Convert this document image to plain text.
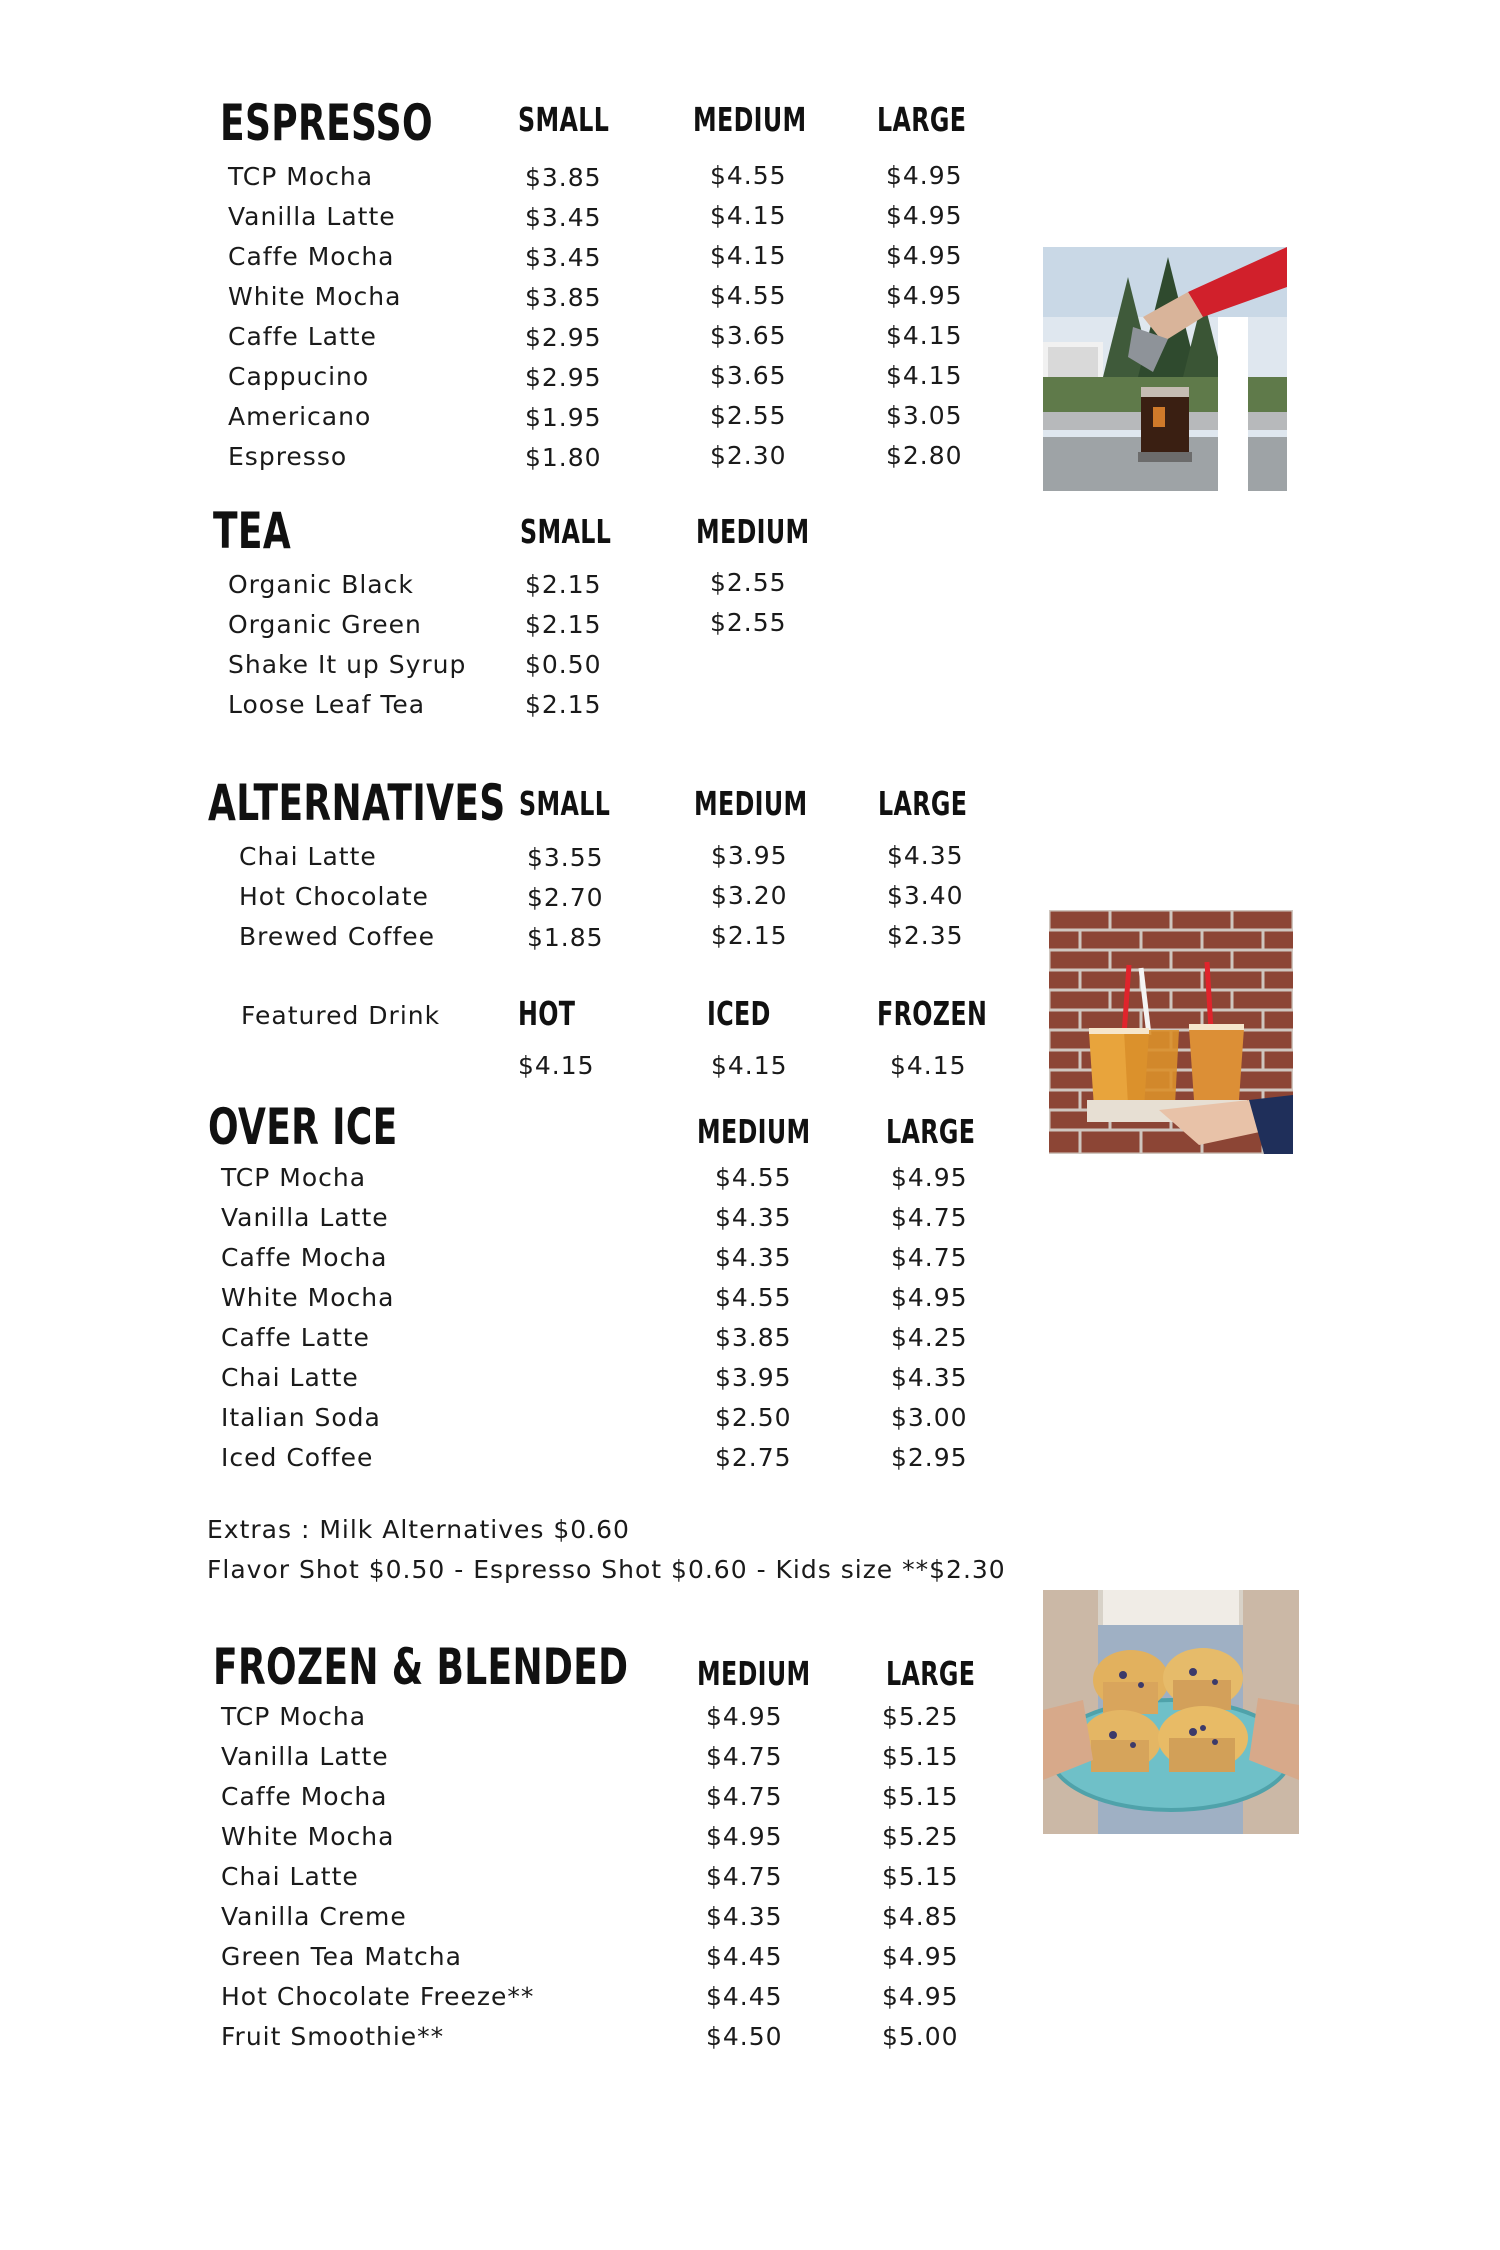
ESPRESSO	SMALL	MEDIUM LARGE
TCP Mocha	$3.85	$4.55	$4.95
Vanilla Latte	$3.45	$4.15	$4.95
Caffe Mocha	$3.45	$4.15	$4.95
White Mocha	$3.85	$4.55	$4.95
Caffe Latte	$2.95	$3.65	$4.15
Cappucino	$2.95	$3.65	$4.15
Americano	$1.95	$2.55	$3.05
Espresso	$1.80	$2.30	$2.80
TEA	SMALL	MEDIUM
Organic Black	$2.15	$2.55
Organic Green	$2.15	$2.55
Shake It up Syrup $0.50
Loose Leaf Tea	$2.15
ALTERNATIVES SMALL	MEDIUM LARGE
Chai Latte	$3.55	$3.95	$4.35
Hot Chocolate	$2.70	$3.20	$3.40
Brewed Coffee	$1.85	$2.15	$2.35
Featured Drink HOT	ICED	FROZEN
$4.15	$4.15	$4.15
OVER ICE	MEDIUM LARGE
TCP Mocha	$4.55	$4.95
Vanilla Latte	$4.35	$4.75
Caffe Mocha	$4.35	$4.75
White Mocha	$4.55	$4.95
Caffe Latte	$3.85	$4.25
Chai Latte	$3.95	$4.35
Italian Soda	$2.50	$3.00
Iced Coffee	$2.75	$2.95
Extras : Milk Alternatives $0.60
Flavor Shot $0.50 - Espresso Shot $0.60 - Kids size **$2.30
FROZEN & BLENDED MEDIUM LARGE
TCP Mocha	$4.95	$5.25
Vanilla Latte	$4.75	$5.15
Caffe Mocha	$4.75	$5.15
White Mocha	$4.95	$5.25
Chai Latte	$4.75	$5.15
Vanilla Creme	$4.35	$4.85
Green Tea Matcha	$4.45	$4.95
Hot Chocolate Freeze**	$4.45	$4.95
Fruit Smoothie**	$4.50	$5.00
